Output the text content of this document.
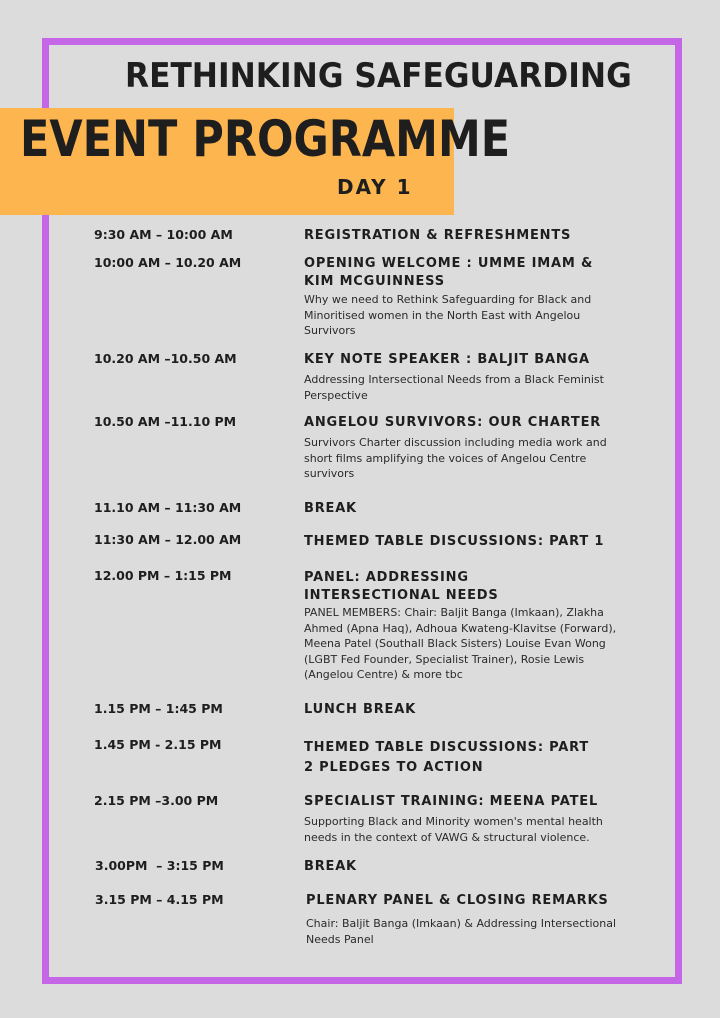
RETHINKING SAFEGUARDING
EVENT PROGRAMME
DAY 1
9:30 AM – 10:00 AM	REGISTRATION & REFRESHMENTS
10:00 AM – 10.20 AM	OPENING WELCOME : UMME IMAM & KIM MCGUINNESS
Why we need to Rethink Safeguarding for Black and Minoritised women in the North East with Angelou Survivors
10.20 AM –10.50 AM	KEY NOTE SPEAKER : BALJIT BANGA
Addressing Intersectional Needs from a Black Feminist Perspective
10.50 AM –11.10 PM	ANGELOU SURVIVORS: OUR CHARTER
Survivors Charter discussion including media work and short films amplifying the voices of Angelou Centre survivors
11.10 AM – 11:30 AM	BREAK
11:30 AM – 12.00 AM	THEMED TABLE DISCUSSIONS: PART 1
12.00 PM – 1:15 PM	PANEL: ADDRESSING INTERSECTIONAL NEEDS
PANEL MEMBERS: Chair: Baljit Banga (Imkaan), Zlakha Ahmed (Apna Haq), Adhoua Kwateng-Klavitse (Forward), Meena Patel (Southall Black Sisters) Louise Evan Wong (LGBT Fed Founder, Specialist Trainer), Rosie Lewis (Angelou Centre) & more tbc
1.15 PM – 1:45 PM	LUNCH BREAK
1.45 PM - 2.15 PM	THEMED TABLE DISCUSSIONS: PART 2 PLEDGES TO ACTION
2.15 PM –3.00 PM	SPECIALIST TRAINING: MEENA PATEL
Supporting Black and Minority women's mental health needs in the context of VAWG & structural violence.
3.00PM  – 3:15 PM	BREAK
3.15 PM – 4.15 PM	PLENARY PANEL & CLOSING REMARKS
Chair: Baljit Banga (Imkaan) & Addressing Intersectional Needs Panel
